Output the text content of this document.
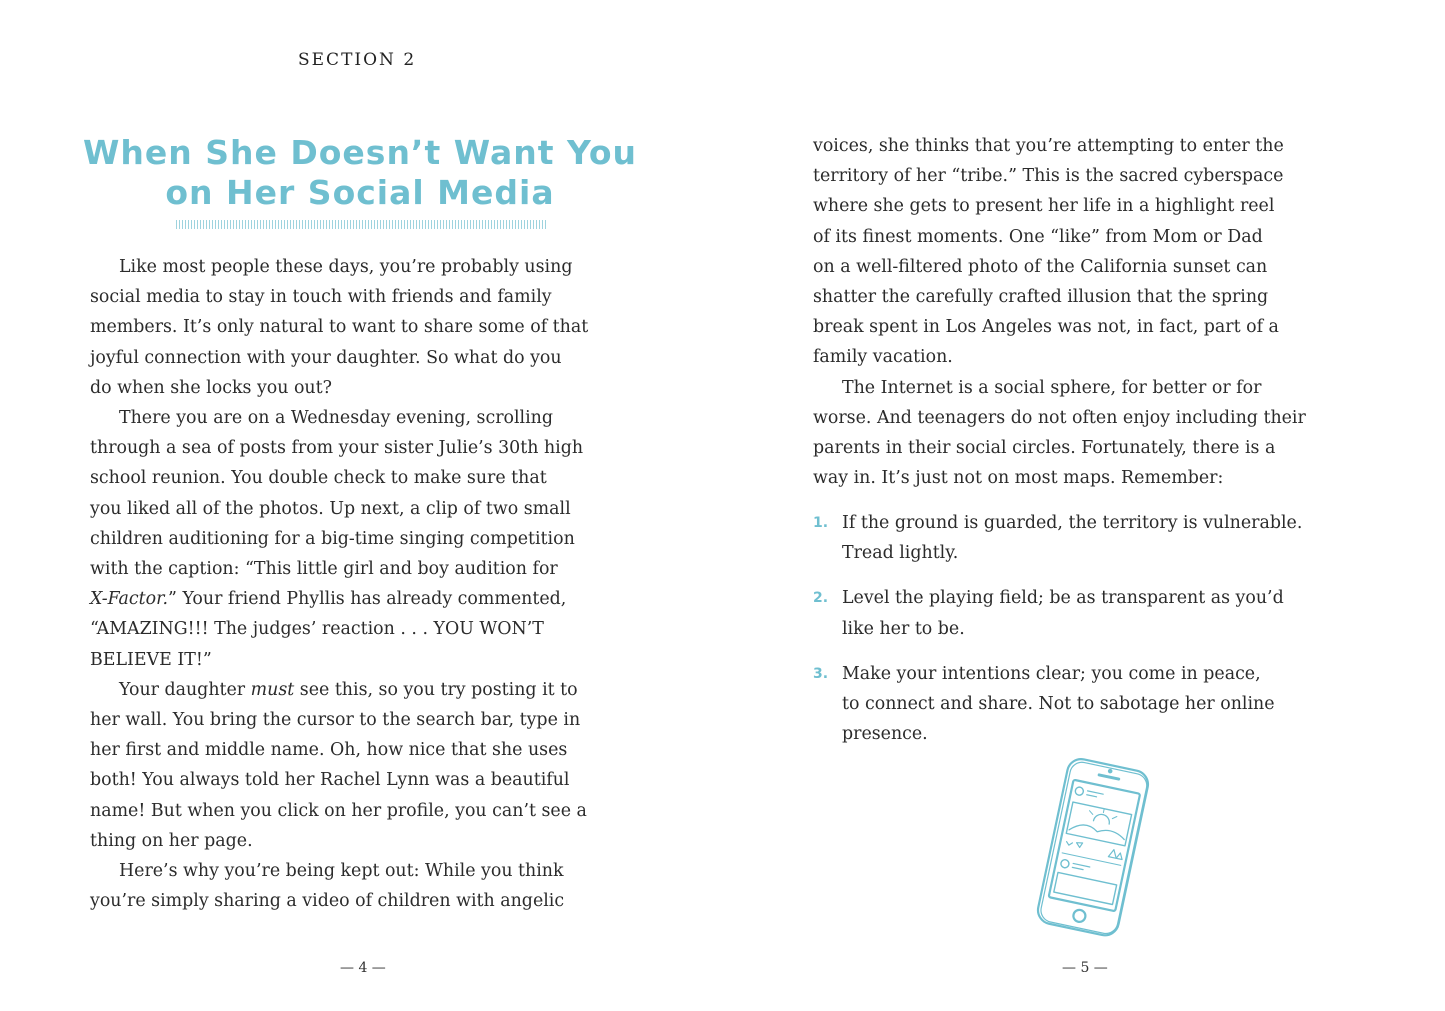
SECTION 2
When She Doesn’t Want You
on Her Social Media

Like most people these days, you’re probably using
social media to stay in touch with friends and family
members. It’s only natural to want to share some of that
joyful connection with your daughter. So what do you
do when she locks you out?

There you are on a Wednesday evening, scrolling
through a sea of posts from your sister Julie’s 30th high
school reunion. You double check to make sure that
you liked all of the photos. Up next, a clip of two small
children auditioning for a big-time singing competition
with the caption: “This little girl and boy audition for
X-Factor.” Your friend Phyllis has already commented,
“AMAZING!!! The judges’ reaction . . . YOU WON’T
BELIEVE IT!”

Your daughter must see this, so you try posting it to
her wall. You bring the cursor to the search bar, type in
her first and middle name. Oh, how nice that she uses
both! You always told her Rachel Lynn was a beautiful
name! But when you click on her profile, you can’t see a
thing on her page.

Here’s why you’re being kept out: While you think
you’re simply sharing a video of children with angelic

— 4 —

voices, she thinks that you’re attempting to enter the
territory of her “tribe.” This is the sacred cyberspace
where she gets to present her life in a highlight reel
of its finest moments. One “like” from Mom or Dad
on a well-filtered photo of the California sunset can
shatter the carefully crafted illusion that the spring
break spent in Los Angeles was not, in fact, part of a
family vacation.

The Internet is a social sphere, for better or for
worse. And teenagers do not often enjoy including their
parents in their social circles. Fortunately, there is a
way in. It’s just not on most maps. Remember:

1. If the ground is guarded, the territory is vulnerable.
Tread lightly.
2. Level the playing field; be as transparent as you’d
like her to be.
3. Make your intentions clear; you come in peace,
to connect and share. Not to sabotage her online
presence.
— 5 —
